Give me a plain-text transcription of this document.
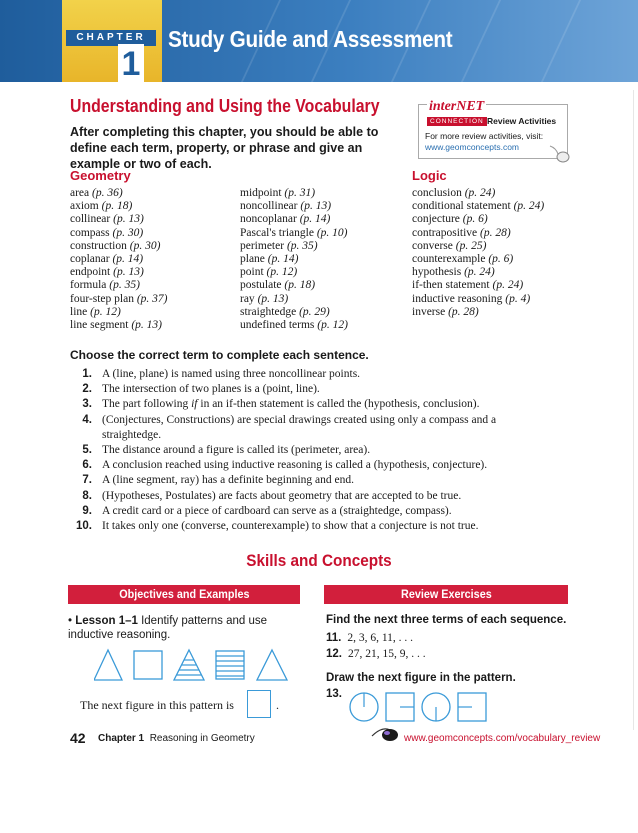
CHAPTER
1
Study Guide and Assessment
Understanding and Using the Vocabulary
After completing this chapter, you should be able to define each term, property, or phrase and give an example or two of each.
interNET
CONNECTION Review Activities
For more review activities, visit:
www.geomconcepts.com
Geometry
area (p. 36)
axiom (p. 18)
collinear (p. 13)
compass (p. 30)
construction (p. 30)
coplanar (p. 14)
endpoint (p. 13)
formula (p. 35)
four-step plan (p. 37)
line (p. 12)
line segment (p. 13)
midpoint (p. 31)
noncollinear (p. 13)
noncoplanar (p. 14)
Pascal's triangle (p. 10)
perimeter (p. 35)
plane (p. 14)
point (p. 12)
postulate (p. 18)
ray (p. 13)
straightedge (p. 29)
undefined terms (p. 12)
Logic
conclusion (p. 24)
conditional statement (p. 24)
conjecture (p. 6)
contrapositive (p. 28)
converse (p. 25)
counterexample (p. 6)
hypothesis (p. 24)
if-then statement (p. 24)
inductive reasoning (p. 4)
inverse (p. 28)
Choose the correct term to complete each sentence.
1. A (line, plane) is named using three noncollinear points.
2. The intersection of two planes is a (point, line).
3. The part following if in an if-then statement is called the (hypothesis, conclusion).
4. (Conjectures, Constructions) are special drawings created using only a compass and a straightedge.
5. The distance around a figure is called its (perimeter, area).
6. A conclusion reached using inductive reasoning is called a (hypothesis, conjecture).
7. A (line segment, ray) has a definite beginning and end.
8. (Hypotheses, Postulates) are facts about geometry that are accepted to be true.
9. A credit card or a piece of cardboard can serve as a (straightedge, compass).
10. It takes only one (converse, counterexample) to show that a conjecture is not true.
Skills and Concepts
Objectives and Examples	Review Exercises
• Lesson 1–1 Identify patterns and use inductive reasoning.
The next figure in this pattern is	.
Find the next three terms of each sequence.
11. 2, 3, 6, 11, . . .
12. 27, 21, 15, 9, . . .
Draw the next figure in the pattern.
13.
42 Chapter 1 Reasoning in Geometry	www.geomconcepts.com/vocabulary_review
